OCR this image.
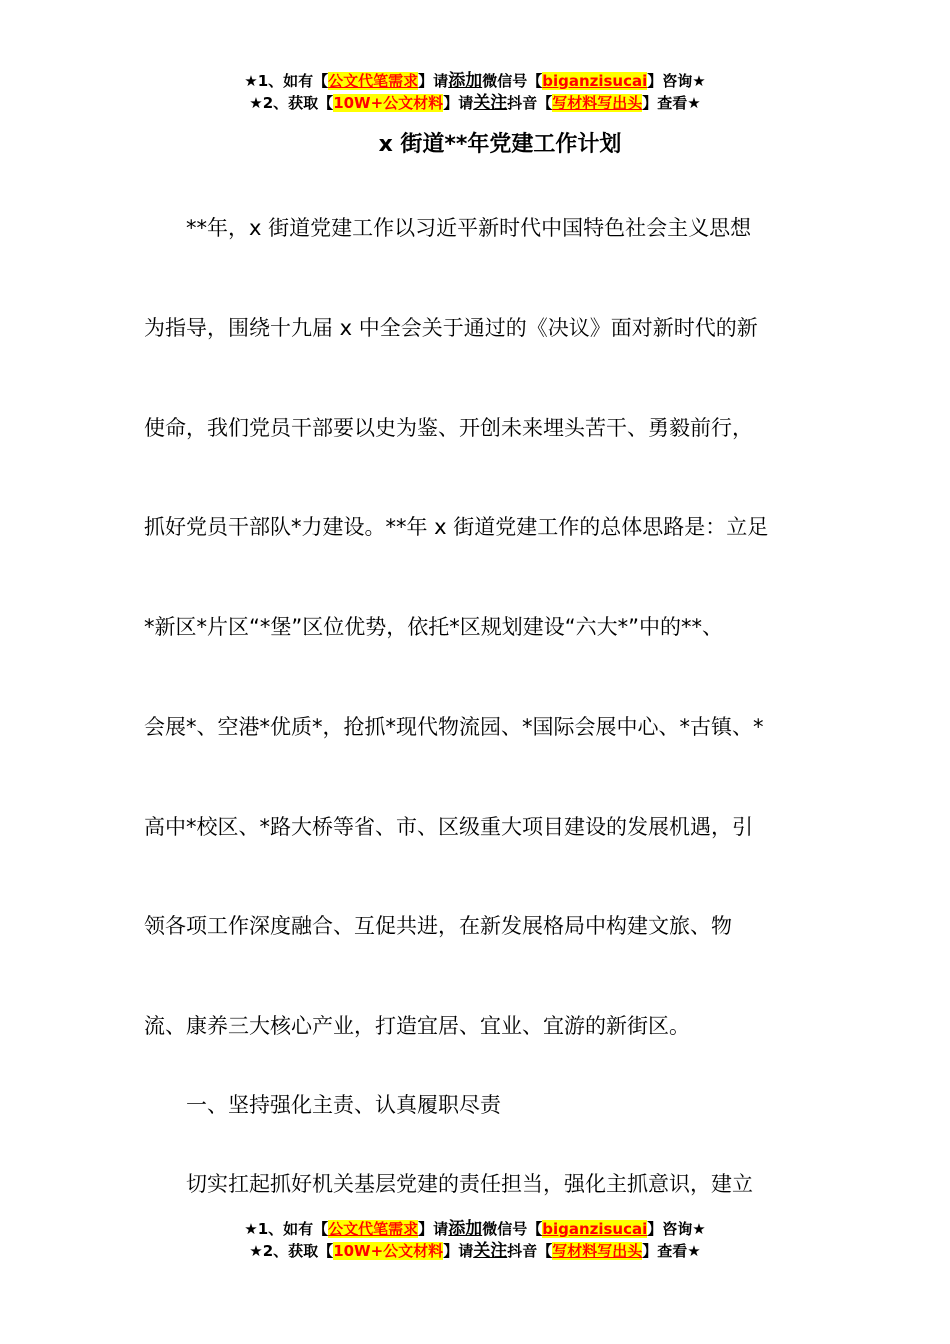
★1、如有【公文代笔需求】请添加微信号【biganzisucai】咨询★
★2、获取【10W+公文材料】请关注抖音【写材料写出头】查看★
x 街道**年党建工作计划
　　**年，x 街道党建工作以习近平新时代中国特色社会主义思想
为指导，围绕十九届 x 中全会关于通过的《决议》面对新时代的新
使命，我们党员干部要以史为鉴、开创未来埋头苦干、勇毅前行，
抓好党员干部队*力建设。**年 x 街道党建工作的总体思路是：立足
*新区*片区“*堡”区位优势，依托*区规划建设“六大*”中的**、
会展*、空港*优质*，抢抓*现代物流园、*国际会展中心、*古镇、*
高中*校区、*路大桥等省、市、区级重大项目建设的发展机遇，引
领各项工作深度融合、互促共进，在新发展格局中构建文旅、物
流、康养三大核心产业，打造宜居、宜业、宜游的新街区。
　　一、坚持强化主责、认真履职尽责
　　切实扛起抓好机关基层党建的责任担当，强化主抓意识，建立
★1、如有【公文代笔需求】请添加微信号【biganzisucai】咨询★
★2、获取【10W+公文材料】请关注抖音【写材料写出头】查看★
